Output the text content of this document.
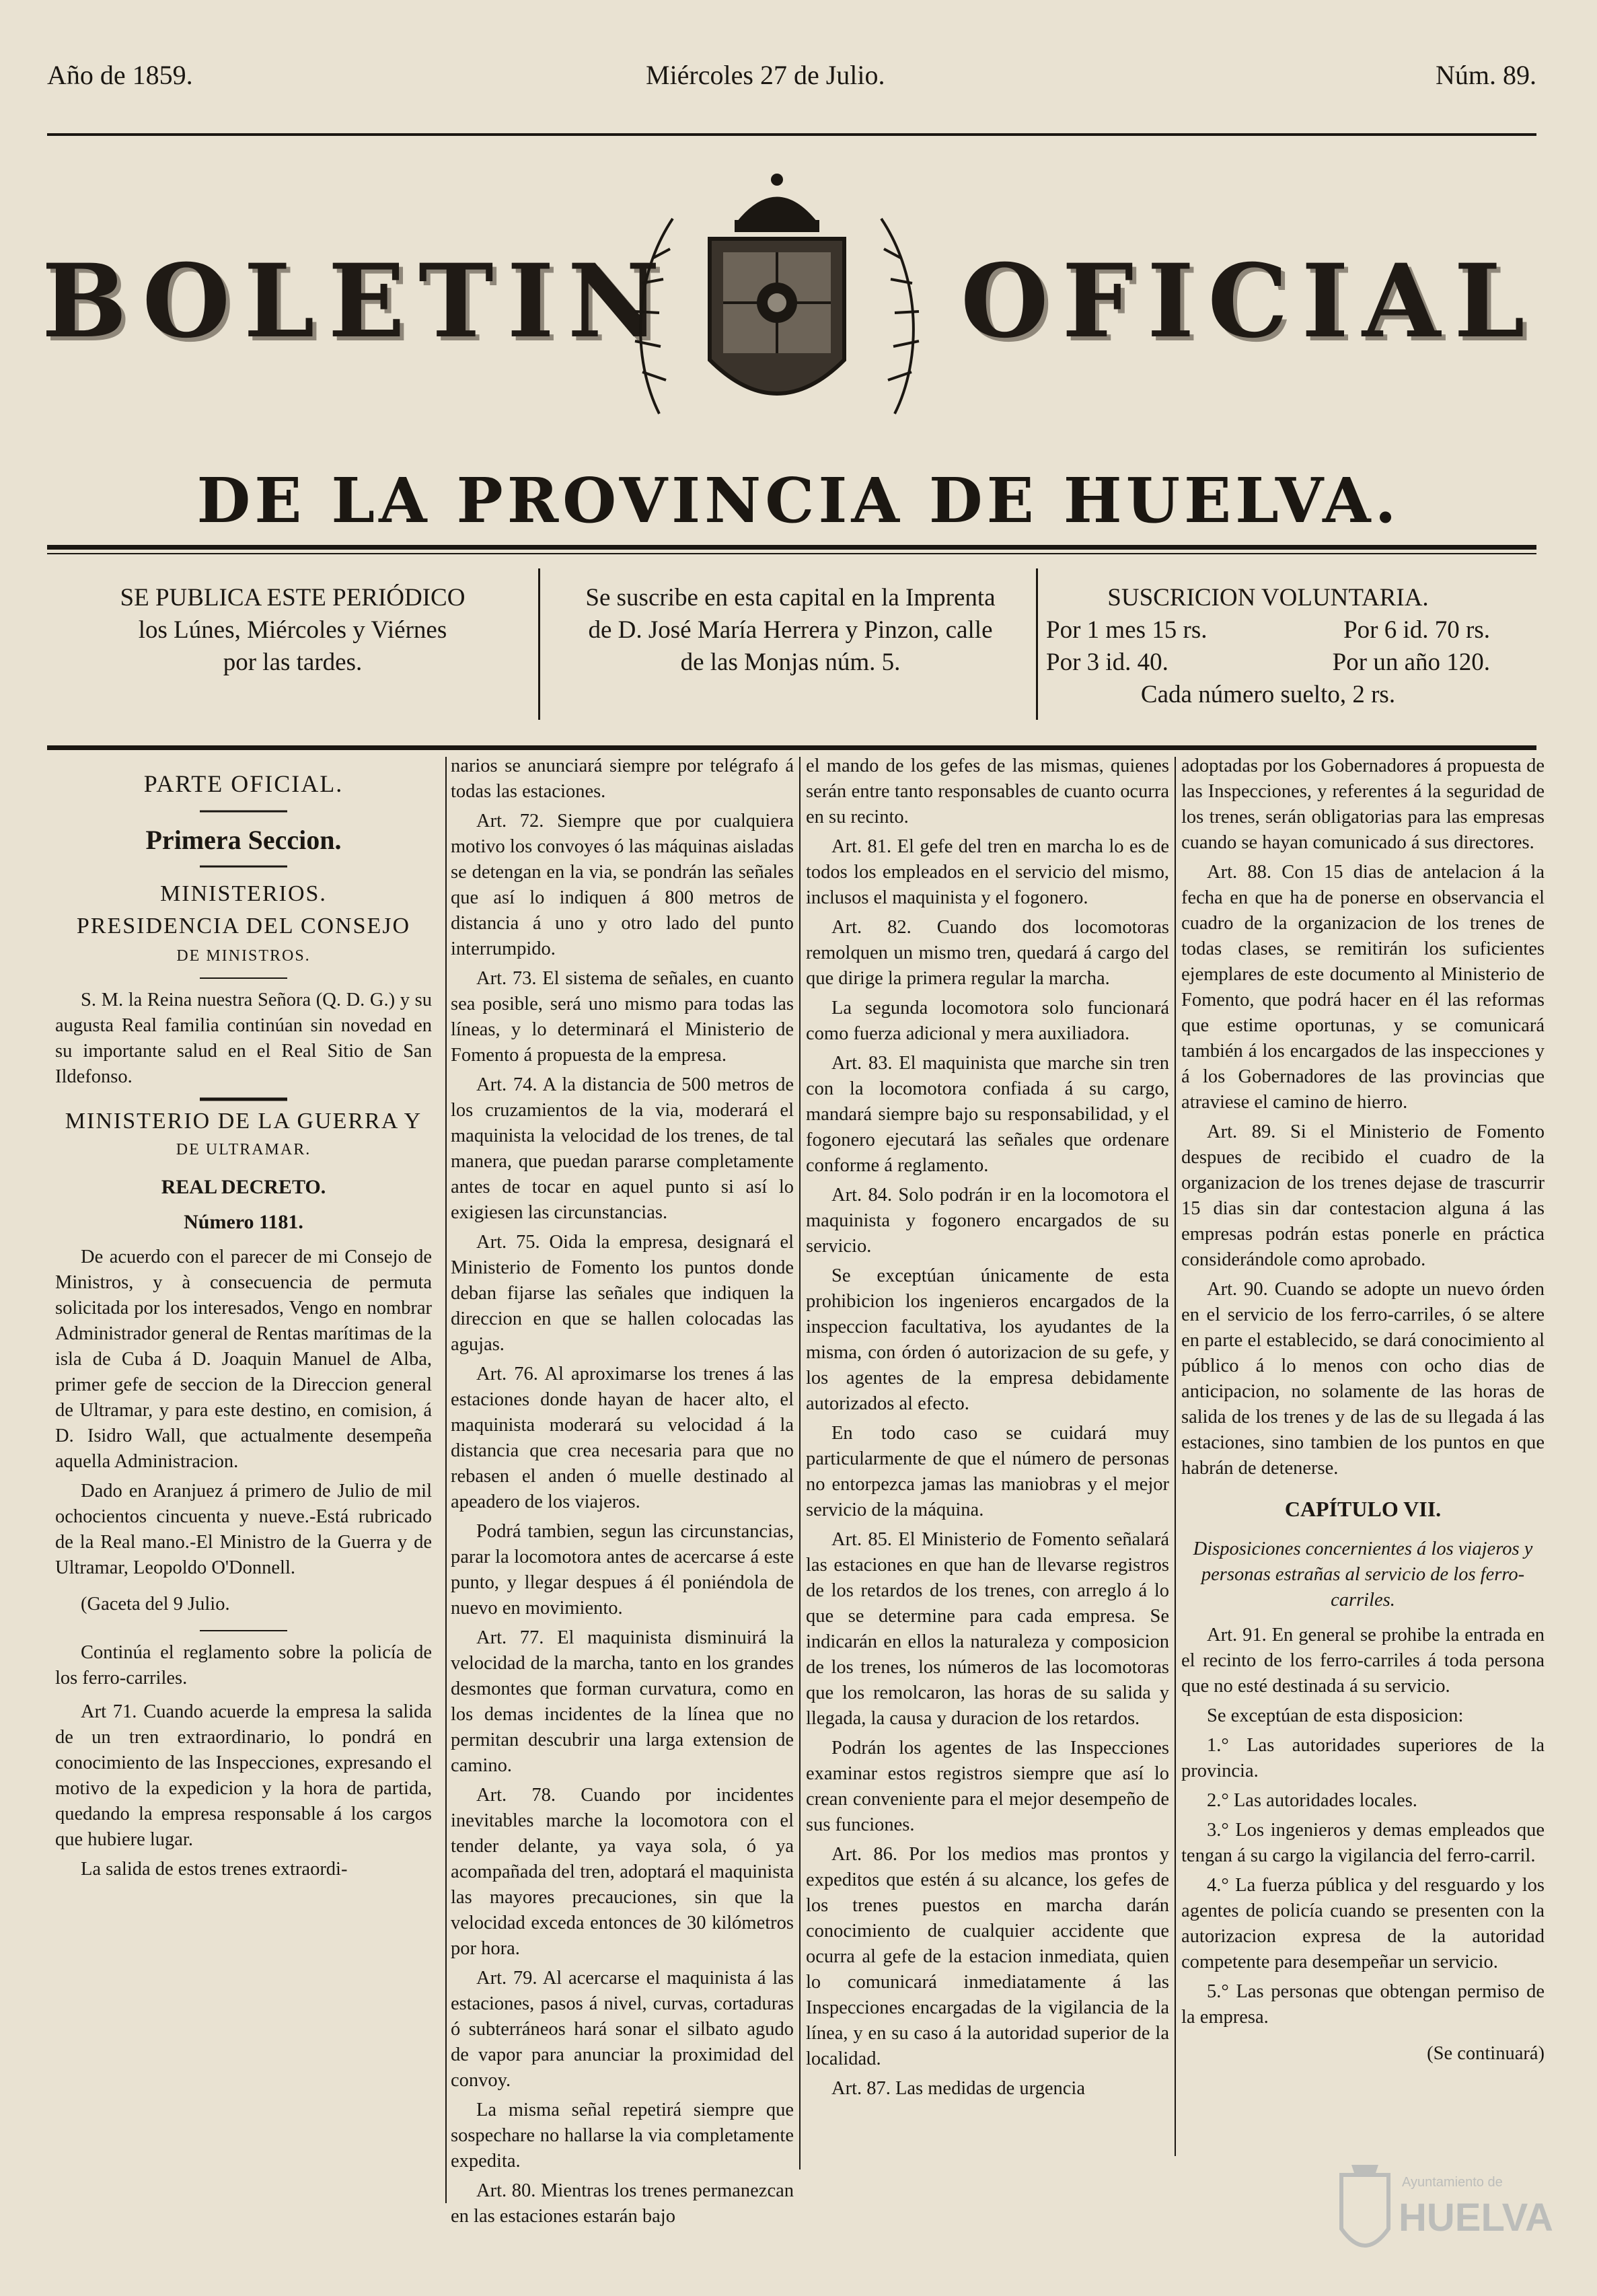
Año de 1859.	Miércoles 27 de Julio.	Núm. 89.
BOLETIN	OFICIAL
DE LA PROVINCIA DE HUELVA.
SE PUBLICA ESTE PERIÓDICO
los Lúnes, Miércoles y Viérnes
por las tardes.
Se suscribe en esta capital en la Imprenta
de D. José María Herrera y Pinzon, calle
de las Monjas núm. 5.
SUSCRICION VOLUNTARIA.
Por 1 mes 15 rs.	Por 6 id. 70 rs.
Por 3 id. 40.	Por un año 120.
Cada número suelto, 2 rs.
PARTE OFICIAL.
Primera Seccion.
MINISTERIOS.
PRESIDENCIA DEL CONSEJO
DE MINISTROS.

S. M. la Reina nuestra Señora (Q. D. G.) y su augusta Real familia continúan sin novedad en su importante salud en el Real Sitio de San Ildefonso.

MINISTERIO DE LA GUERRA Y
DE ULTRAMAR.
REAL DECRETO.
Número 1181.

De acuerdo con el parecer de mi Consejo de Ministros, y à consecuencia de permuta solicitada por los interesados, Vengo en nombrar Administrador general de Rentas marítimas de la isla de Cuba á D. Joaquin Manuel de Alba, primer gefe de seccion de la Direccion general de Ultramar, y para este destino, en comision, á D. Isidro Wall, que actualmente desempeña aquella Administracion.

Dado en Aranjuez á primero de Julio de mil ochocientos cincuenta y nueve.-Está rubricado de la Real mano.-El Ministro de la Guerra y de Ultramar, Leopoldo O'Donnell.

(Gaceta del 9 Julio.

Continúa el reglamento sobre la policía de los ferro-carriles.

Art 71. Cuando acuerde la empresa la salida de un tren extraordinario, lo pondrá en conocimiento de las Inspecciones, expresando el motivo de la expedicion y la hora de partida, quedando la empresa responsable á los cargos que hubiere lugar.

La salida de estos trenes extraordi-

narios se anunciará siempre por telégrafo á todas las estaciones.

Art. 72. Siempre que por cualquiera motivo los convoyes ó las máquinas aisladas se detengan en la via, se pondrán las señales que así lo indiquen á 800 metros de distancia á uno y otro lado del punto interrumpido.

Art. 73. El sistema de señales, en cuanto sea posible, será uno mismo para todas las líneas, y lo determinará el Ministerio de Fomento á propuesta de la empresa.

Art. 74. A la distancia de 500 metros de los cruzamientos de la via, moderará el maquinista la velocidad de los trenes, de tal manera, que puedan pararse completamente antes de tocar en aquel punto si así lo exigiesen las circunstancias.

Art. 75. Oida la empresa, designará el Ministerio de Fomento los puntos donde deban fijarse las señales que indiquen la direccion en que se hallen colocadas las agujas.

Art. 76. Al aproximarse los trenes á las estaciones donde hayan de hacer alto, el maquinista moderará su velocidad á la distancia que crea necesaria para que no rebasen el anden ó muelle destinado al apeadero de los viajeros.

Podrá tambien, segun las circunstancias, parar la locomotora antes de acercarse á este punto, y llegar despues á él poniéndola de nuevo en movimiento.

Art. 77. El maquinista disminuirá la velocidad de la marcha, tanto en los grandes desmontes que forman curvatura, como en los demas incidentes de la línea que no permitan descubrir una larga extension de camino.

Art. 78. Cuando por incidentes inevitables marche la locomotora con el tender delante, ya vaya sola, ó ya acompañada del tren, adoptará el maquinista las mayores precauciones, sin que la velocidad exceda entonces de 30 kilómetros por hora.

Art. 79. Al acercarse el maquinista á las estaciones, pasos á nivel, curvas, cortaduras ó subterráneos hará sonar el silbato agudo de vapor para anunciar la proximidad del convoy.

La misma señal repetirá siempre que sospechare no hallarse la via completamente expedita.

Art. 80. Mientras los trenes permanezcan en las estaciones estarán bajo

el mando de los gefes de las mismas, quienes serán entre tanto responsables de cuanto ocurra en su recinto.

Art. 81. El gefe del tren en marcha lo es de todos los empleados en el servicio del mismo, inclusos el maquinista y el fogonero.

Art. 82. Cuando dos locomotoras remolquen un mismo tren, quedará á cargo del que dirige la primera regular la marcha.

La segunda locomotora solo funcionará como fuerza adicional y mera auxiliadora.

Art. 83. El maquinista que marche sin tren con la locomotora confiada á su cargo, mandará siempre bajo su responsabilidad, y el fogonero ejecutará las señales que ordenare conforme á reglamento.

Art. 84. Solo podrán ir en la locomotora el maquinista y fogonero encargados de su servicio.

Se exceptúan únicamente de esta prohibicion los ingenieros encargados de la inspeccion facultativa, los ayudantes de la misma, con órden ó autorizacion de su gefe, y los agentes de la empresa debidamente autorizados al efecto.

En todo caso se cuidará muy particularmente de que el número de personas no entorpezca jamas las maniobras y el mejor servicio de la máquina.

Art. 85. El Ministerio de Fomento señalará las estaciones en que han de llevarse registros de los retardos de los trenes, con arreglo á lo que se determine para cada empresa. Se indicarán en ellos la naturaleza y composicion de los trenes, los números de las locomotoras que los remolcaron, las horas de su salida y llegada, la causa y duracion de los retardos.

Podrán los agentes de las Inspecciones examinar estos registros siempre que así lo crean conveniente para el mejor desempeño de sus funciones.

Art. 86. Por los medios mas prontos y expeditos que estén á su alcance, los gefes de los trenes puestos en marcha darán conocimiento de cualquier accidente que ocurra al gefe de la estacion inmediata, quien lo comunicará inmediatamente á las Inspecciones encargadas de la vigilancia de la línea, y en su caso á la autoridad superior de la localidad.

Art. 87. Las medidas de urgencia

adoptadas por los Gobernadores á propuesta de las Inspecciones, y referentes á la seguridad de los trenes, serán obligatorias para las empresas cuando se hayan comunicado á sus directores.

Art. 88. Con 15 dias de antelacion á la fecha en que ha de ponerse en observancia el cuadro de la organizacion de los trenes de todas clases, se remitirán los suficientes ejemplares de este documento al Ministerio de Fomento, que podrá hacer en él las reformas que estime oportunas, y se comunicará también á los encargados de las inspecciones y á los Gobernadores de las provincias que atraviese el camino de hierro.

Art. 89. Si el Ministerio de Fomento despues de recibido el cuadro de la organizacion de los trenes dejase de trascurrir 15 dias sin dar contestacion alguna á las empresas podrán estas ponerle en práctica considerándole como aprobado.

Art. 90. Cuando se adopte un nuevo órden en el servicio de los ferro-carriles, ó se altere en parte el establecido, se dará conocimiento al público á lo menos con ocho dias de anticipacion, no solamente de las horas de salida de los trenes y de las de su llegada á las estaciones, sino tambien de los puntos en que habrán de detenerse.

CAPÍTULO VII.

Disposiciones concernientes á los viajeros y personas estrañas al servicio de los ferro-carriles.

Art. 91. En general se prohibe la entrada en el recinto de los ferro-carriles á toda persona que no esté destinada á su servicio.

Se exceptúan de esta disposicion:

1.° Las autoridades superiores de la provincia.

2.° Las autoridades locales.

3.° Los ingenieros y demas empleados que tengan á su cargo la vigilancia del ferro-carril.

4.° La fuerza pública y del resguardo y los agentes de policía cuando se presenten con la autorizacion expresa de la autoridad competente para desempeñar un servicio.

5.° Las personas que obtengan permiso de la empresa.

(Se continuará)

Ayuntamiento de
HUELVA
